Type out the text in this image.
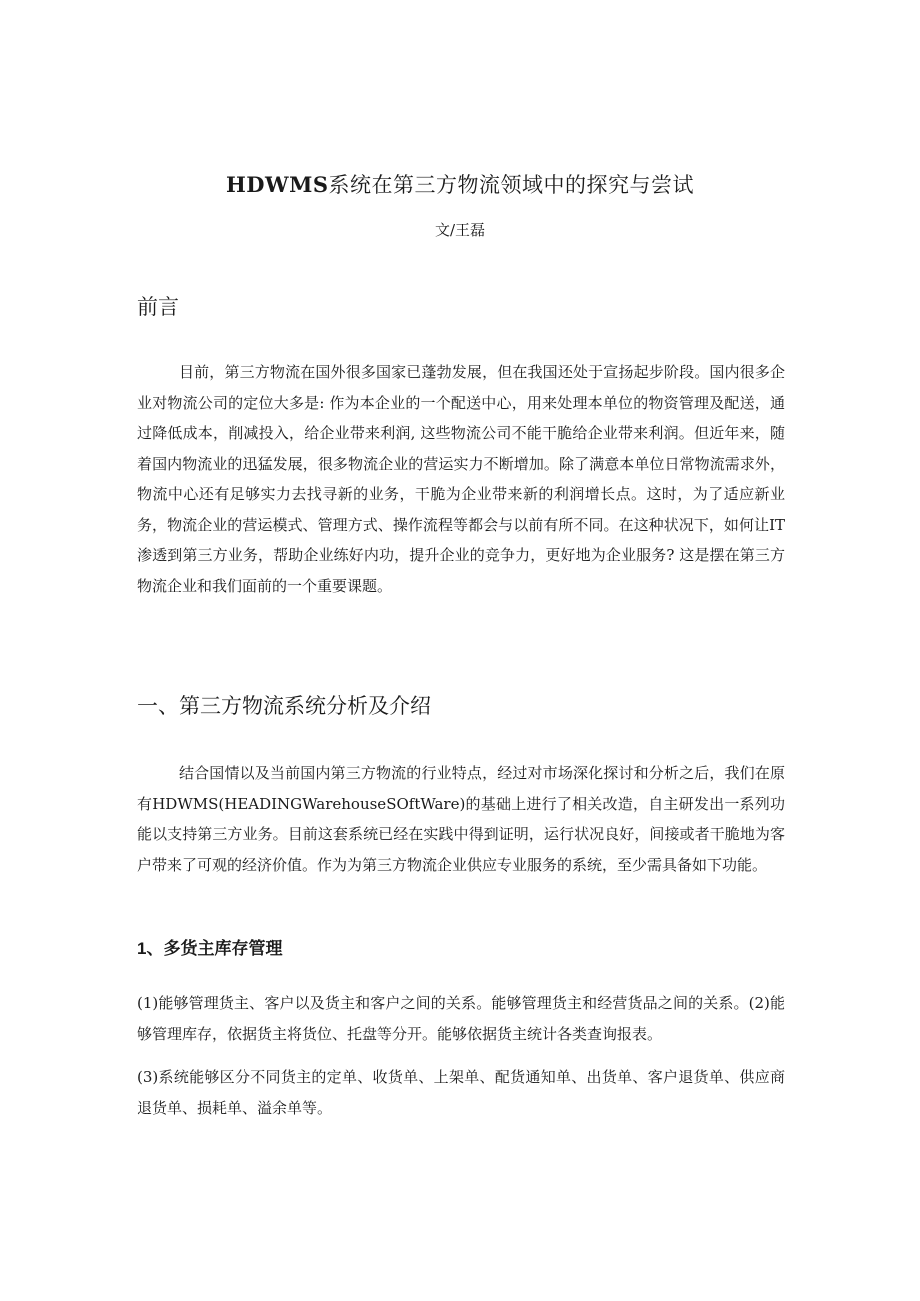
HDWMS系统在第三方物流领域中的探究与尝试
文/王磊
前言

目前，第三方物流在国外很多国家已蓬勃发展，但在我国还处于宣扬起步阶段。国内很多企业对物流公司的定位大多是: 作为本企业的一个配送中心，用来处理本单位的物资管理及配送，通过降低成本，削减投入，给企业带来利润, 这些物流公司不能干脆给企业带来利润。但近年来，随着国内物流业的迅猛发展，很多物流企业的营运实力不断增加。除了满意本单位日常物流需求外，物流中心还有足够实力去找寻新的业务，干脆为企业带来新的利润增长点。这时，为了适应新业务，物流企业的营运模式、管理方式、操作流程等都会与以前有所不同。在这种状况下，如何让IT渗透到第三方业务，帮助企业练好内功，提升企业的竞争力，更好地为企业服务? 这是摆在第三方物流企业和我们面前的一个重要课题。

一、第三方物流系统分析及介绍

结合国情以及当前国内第三方物流的行业特点，经过对市场深化探讨和分析之后，我们在原有HDWMS(HEADINGWarehouseSOftWare)的基础上进行了相关改造，自主研发出一系列功能以支持第三方业务。目前这套系统已经在实践中得到证明，运行状况良好，间接或者干脆地为客户带来了可观的经济价值。作为为第三方物流企业供应专业服务的系统，至少需具备如下功能。

1、多货主库存管理

(1)能够管理货主、客户以及货主和客户之间的关系。能够管理货主和经营货品之间的关系。(2)能够管理库存，依据货主将货位、托盘等分开。能够依据货主统计各类查询报表。

(3)系统能够区分不同货主的定单、收货单、上架单、配货通知单、出货单、客户退货单、供应商退货单、损耗单、溢余单等。
